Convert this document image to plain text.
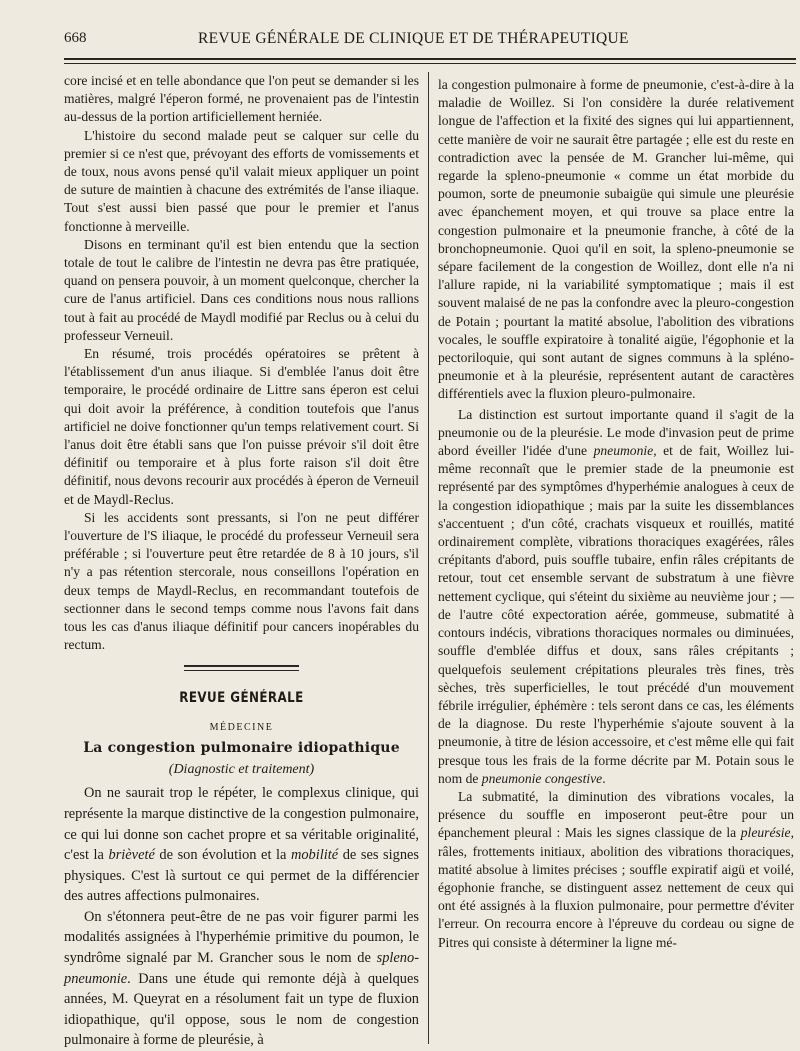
668	REVUE GÉNÉRALE DE CLINIQUE ET DE THÉRAPEUTIQUE

core incisé et en telle abondance que l'on peut se demander si les matières, malgré l'éperon formé, ne provenaient pas de l'intestin au-dessus de la portion artificiellement herniée.

L'histoire du second malade peut se calquer sur celle du premier si ce n'est que, prévoyant des efforts de vomissements et de toux, nous avons pensé qu'il valait mieux appliquer un point de suture de maintien à chacune des extrémités de l'anse iliaque. Tout s'est aussi bien passé que pour le premier et l'anus fonctionne à merveille.

Disons en terminant qu'il est bien entendu que la section totale de tout le calibre de l'intestin ne devra pas être pratiquée, quand on pensera pouvoir, à un moment quelconque, chercher la cure de l'anus artificiel. Dans ces conditions nous nous rallions tout à fait au procédé de Maydl modifié par Reclus ou à celui du professeur Verneuil.

En résumé, trois procédés opératoires se prêtent à l'établissement d'un anus iliaque. Si d'emblée l'anus doit être temporaire, le procédé ordinaire de Littre sans éperon est celui qui doit avoir la préférence, à condition toutefois que l'anus artificiel ne doive fonctionner qu'un temps relativement court. Si l'anus doit être établi sans que l'on puisse prévoir s'il doit être définitif ou temporaire et à plus forte raison s'il doit être définitif, nous devons recourir aux procédés à éperon de Verneuil et de Maydl-Reclus.

Si les accidents sont pressants, si l'on ne peut différer l'ouverture de l'S iliaque, le procédé du professeur Verneuil sera préférable ; si l'ouverture peut être retardée de 8 à 10 jours, s'il n'y a pas rétention stercorale, nous conseillons l'opération en deux temps de Maydl-Reclus, en recommandant toutefois de sectionner dans le second temps comme nous l'avons fait dans tous les cas d'anus iliaque définitif pour cancers inopérables du rectum.

REVUE GÉNÉRALE
MÉDECINE
La congestion pulmonaire idiopathique
(Diagnostic et traitement)

On ne saurait trop le répéter, le complexus clinique, qui représente la marque distinctive de la congestion pulmonaire, ce qui lui donne son cachet propre et sa véritable originalité, c'est la brièveté de son évolution et la mobilité de ses signes physiques. C'est là surtout ce qui permet de la différencier des autres affections pulmonaires.

On s'étonnera peut-être de ne pas voir figurer parmi les modalités assignées à l'hyperhémie primitive du poumon, le syndrôme signalé par M. Grancher sous le nom de spleno-pneumonie. Dans une étude qui remonte déjà à quelques années, M. Queyrat en a résolument fait un type de fluxion idiopathique, qu'il oppose, sous le nom de congestion pulmonaire à forme de pleurésie, à

la congestion pulmonaire à forme de pneumonie, c'est-à-dire à la maladie de Woillez. Si l'on considère la durée relativement longue de l'affection et la fixité des signes qui lui appartiennent, cette manière de voir ne saurait être partagée ; elle est du reste en contradiction avec la pensée de M. Grancher lui-même, qui regarde la spleno-pneumonie « comme un état morbide du poumon, sorte de pneumonie subaigüe qui simule une pleurésie avec épanchement moyen, et qui trouve sa place entre la congestion pulmonaire et la pneumonie franche, à côté de la bronchopneumonie. Quoi qu'il en soit, la spleno-pneumonie se sépare facilement de la congestion de Woillez, dont elle n'a ni l'allure rapide, ni la variabilité symptomatique ; mais il est souvent malaisé de ne pas la confondre avec la pleuro-congestion de Potain ; pourtant la matité absolue, l'abolition des vibrations vocales, le souffle expiratoire à tonalité aigüe, l'égophonie et la pectoriloquie, qui sont autant de signes communs à la spléno-pneumonie et à la pleurésie, représentent autant de caractères différentiels avec la fluxion pleuro-pulmonaire.

La distinction est surtout importante quand il s'agit de la pneumonie ou de la pleurésie. Le mode d'invasion peut de prime abord éveiller l'idée d'une pneumonie, et de fait, Woillez lui-même reconnaît que le premier stade de la pneumonie est représenté par des symptômes d'hyperhémie analogues à ceux de la congestion idiopathique ; mais par la suite les dissemblances s'accentuent ; d'un côté, crachats visqueux et rouillés, matité ordinairement complète, vibrations thoraciques exagérées, râles crépitants d'abord, puis souffle tubaire, enfin râles crépitants de retour, tout cet ensemble servant de substratum à une fièvre nettement cyclique, qui s'éteint du sixième au neuvième jour ; — de l'autre côté expectoration aérée, gommeuse, submatité à contours indécis, vibrations thoraciques normales ou diminuées, souffle d'emblée diffus et doux, sans râles crépitants ; quelquefois seulement crépitations pleurales très fines, très sèches, très superficielles, le tout précédé d'un mouvement fébrile irrégulier, éphémère : tels seront dans ce cas, les éléments de la diagnose. Du reste l'hyperhémie s'ajoute souvent à la pneumonie, à titre de lésion accessoire, et c'est même elle qui fait presque tous les frais de la forme décrite par M. Potain sous le nom de pneumonie congestive.

La submatité, la diminution des vibrations vocales, la présence du souffle en imposeront peut-être pour un épanchement pleural : Mais les signes classique de la pleurésie, râles, frottements initiaux, abolition des vibrations thoraciques, matité absolue à limites précises ; souffle expiratif aigü et voilé, égophonie franche, se distinguent assez nettement de ceux qui ont été assignés à la fluxion pulmonaire, pour permettre d'éviter l'erreur. On recourra encore à l'épreuve du cordeau ou signe de Pitres qui consiste à déterminer la ligne mé-
